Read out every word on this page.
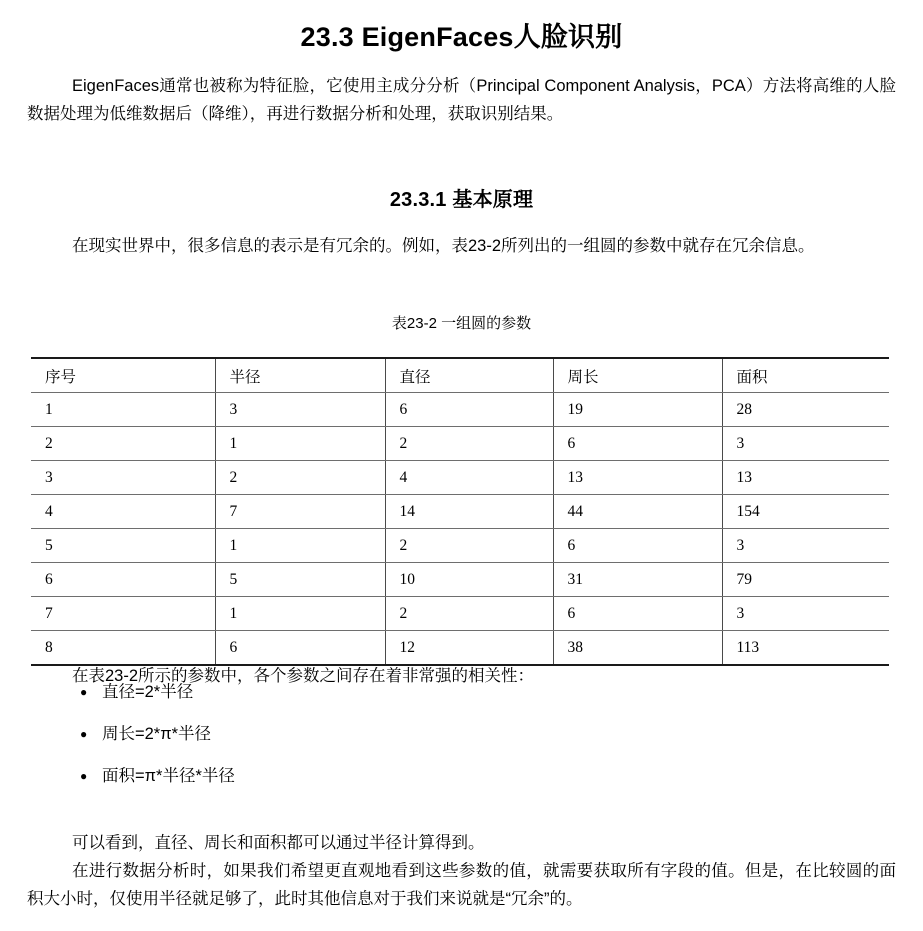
23.3 EigenFaces人脸识别

EigenFaces通常也被称为特征脸，它使用主成分分析（Principal Component Analysis，PCA）方法将高维的人脸数据处理为低维数据后（降维），再进行数据分析和处理，获取识别结果。

23.3.1 基本原理

在现实世界中，很多信息的表示是有冗余的。例如，表23-2所列出的一组圆的参数中就存在冗余信息。

表23-2 一组圆的参数
序号	半径	直径	周长	面积
1	3	6	19	28
2	1	2	6	3
3	2	4	13	13
4	7	14	44	154
5	1	2	6	3
6	5	10	31	79
7	1	2	6	3
8	6	12	38	113

在表23-2所示的参数中，各个参数之间存在着非常强的相关性：

● 直径=2*半径
● 周长=2*π*半径
● 面积=π*半径*半径

可以看到，直径、周长和面积都可以通过半径计算得到。

在进行数据分析时，如果我们希望更直观地看到这些参数的值，就需要获取所有字段的值。但是，在比较圆的面积大小时，仅使用半径就足够了，此时其他信息对于我们来说就是“冗余”的。
